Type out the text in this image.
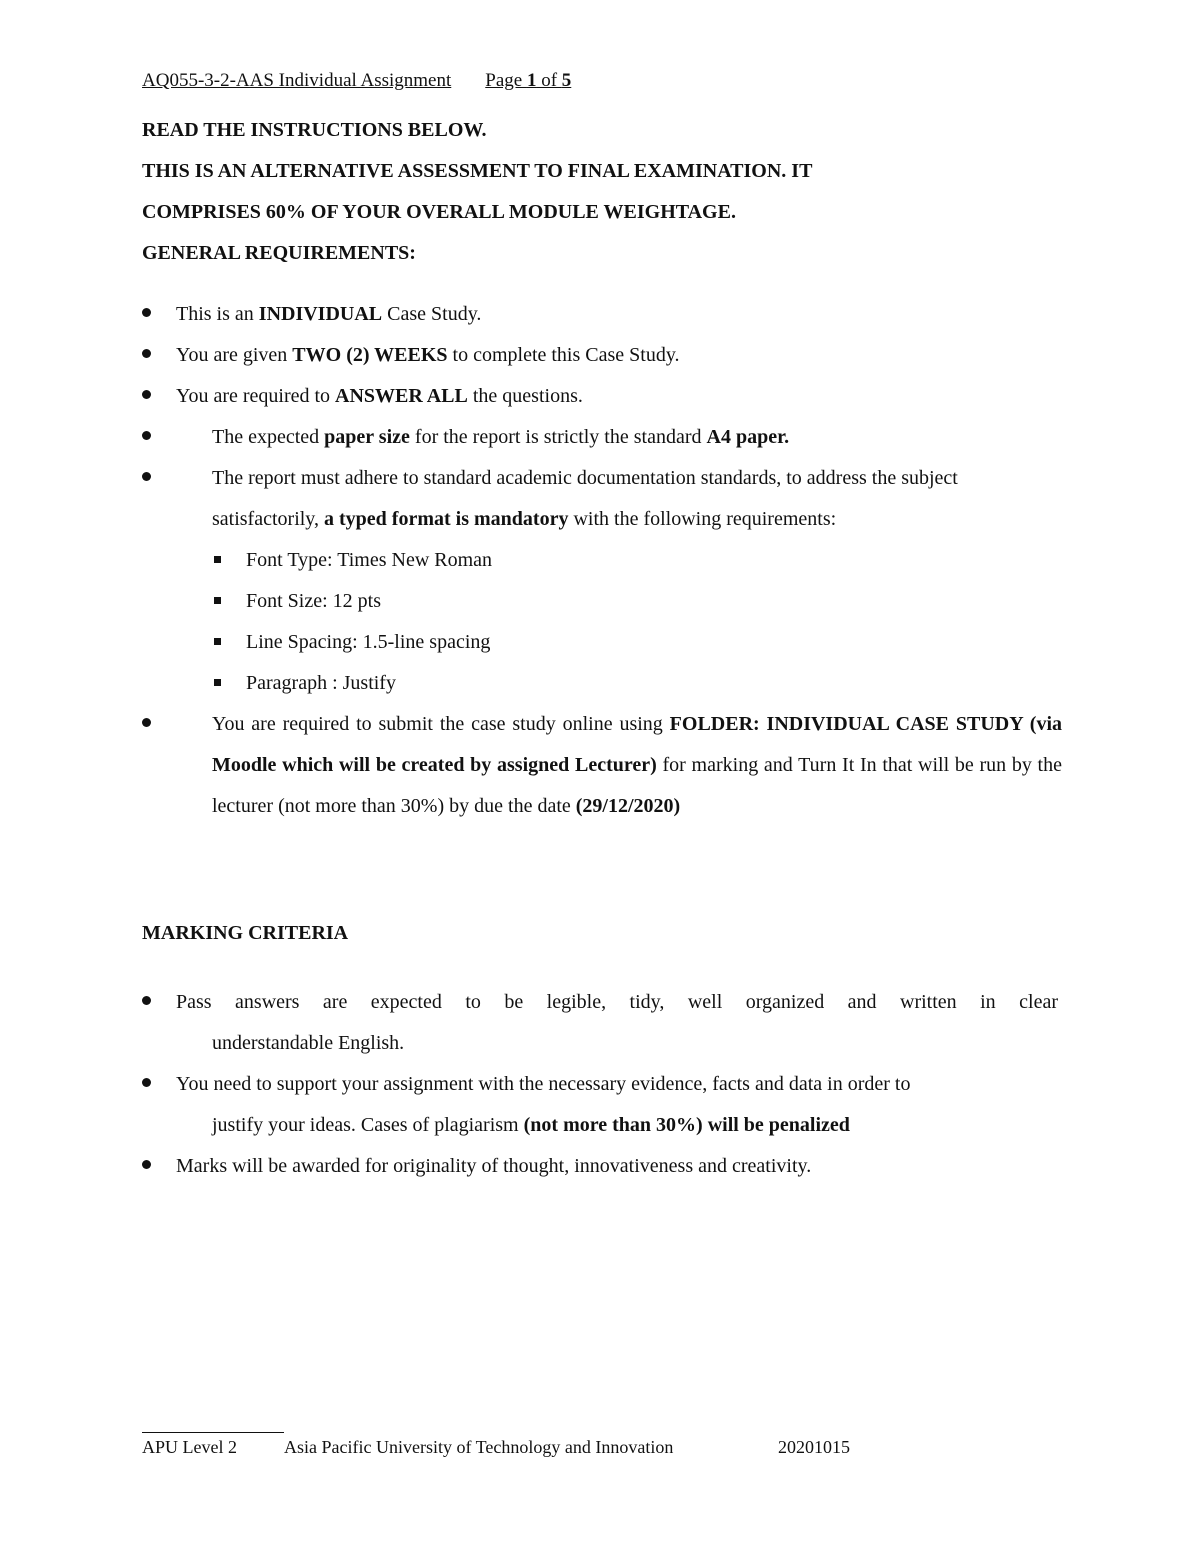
AQ055-3-2-AAS Individual Assignment Page 1 of 5
READ THE INSTRUCTIONS BELOW.
THIS IS AN ALTERNATIVE ASSESSMENT TO FINAL EXAMINATION. IT
COMPRISES 60% OF YOUR OVERALL MODULE WEIGHTAGE.
GENERAL REQUIREMENTS:
This is an INDIVIDUAL Case Study.
You are given TWO (2) WEEKS to complete this Case Study.
You are required to ANSWER ALL the questions.
The expected paper size for the report is strictly the standard A4 paper.
The report must adhere to standard academic documentation standards, to address the subject satisfactorily, a typed format is mandatory with the following requirements:
Font Type: Times New Roman
Font Size: 12 pts
Line Spacing: 1.5-line spacing
Paragraph : Justify
You are required to submit the case study online using FOLDER: INDIVIDUAL CASE STUDY (via Moodle which will be created by assigned Lecturer) for marking and Turn It In that will be run by the lecturer (not more than 30%) by due the date (29/12/2020)
MARKING CRITERIA
Pass answers are expected to be legible, tidy, well organized and written in clear
understandable English.
You need to support your assignment with the necessary evidence, facts and data in order to
justify your ideas. Cases of plagiarism (not more than 30%) will be penalized
Marks will be awarded for originality of thought, innovativeness and creativity.
APU Level 2	Asia Pacific University of Technology and Innovation	20201015
